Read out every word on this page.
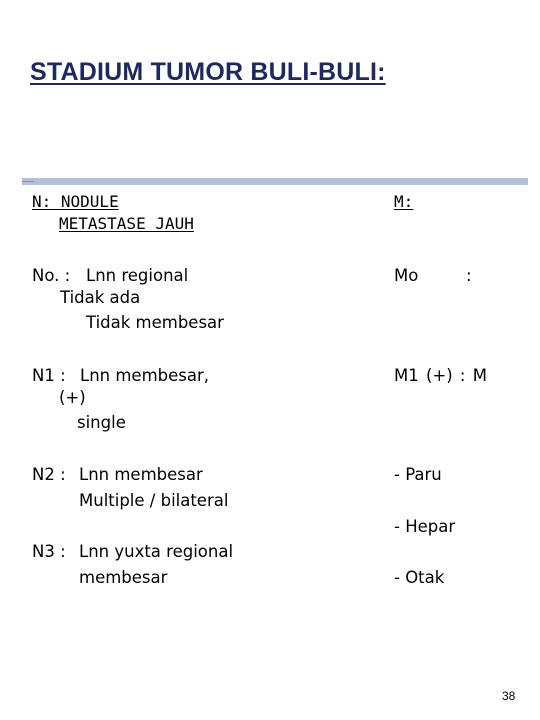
STADIUM TUMOR BULI-BULI:
N: NODULE
METASTASE JAUH
M:
No. : Lnn regional
Tidak ada
Tidak membesar
Mo	:
N1 : Lnn membesar,
(+)
single
M1 (+) : M
N2 : Lnn membesar
Multiple / bilateral
- Paru
- Hepar
- Otak
N3 : Lnn yuxta regional
membesar
38
